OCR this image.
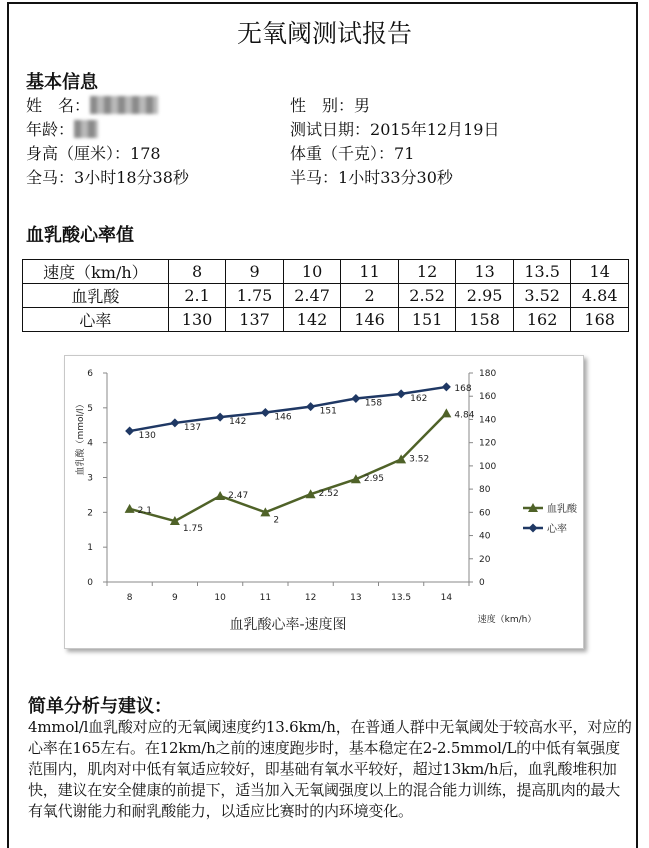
无氧阈测试报告
基本信息
姓　名：
年龄：
身高（厘米）：178
全马：3小时18分38秒
性　别：男
测试日期：2015年12月19日
体重（千克）：71
半马：1小时33分30秒
血乳酸心率值
速度（km/h）	8	9	10	11	12	13	13.5	14
血乳酸	2.1	1.75	2.47	2	2.52	2.95	3.52	4.84
心率	130	137	142	146	151	158	162	168
0
1
2
3
4
5
6
0
20
40
60
80
100
120
140
160
180
8	9	10	11	12	13	13.5	14
血乳酸（mmol/l）
速度（km/h）
血乳酸心率-速度图
2.1
1.75
2.47
2
2.52
2.95
3.52
4.84
130
137
142	146
151
158	162
168
血乳酸
心率
简单分析与建议：
4mmol/l血乳酸对应的无氧阈速度约13.6km/h，在普通人群中无氧阈处于较高水平，对应的心率在165左右。在12km/h之前的速度跑步时，基本稳定在2-2.5mmol/L的中低有氧强度范围内，肌肉对中低有氧适应较好，即基础有氧水平较好，超过13km/h后，血乳酸堆积加快，建议在安全健康的前提下，适当加入无氧阈强度以上的混合能力训练，提高肌肉的最大有氧代谢能力和耐乳酸能力，以适应比赛时的内环境变化。
